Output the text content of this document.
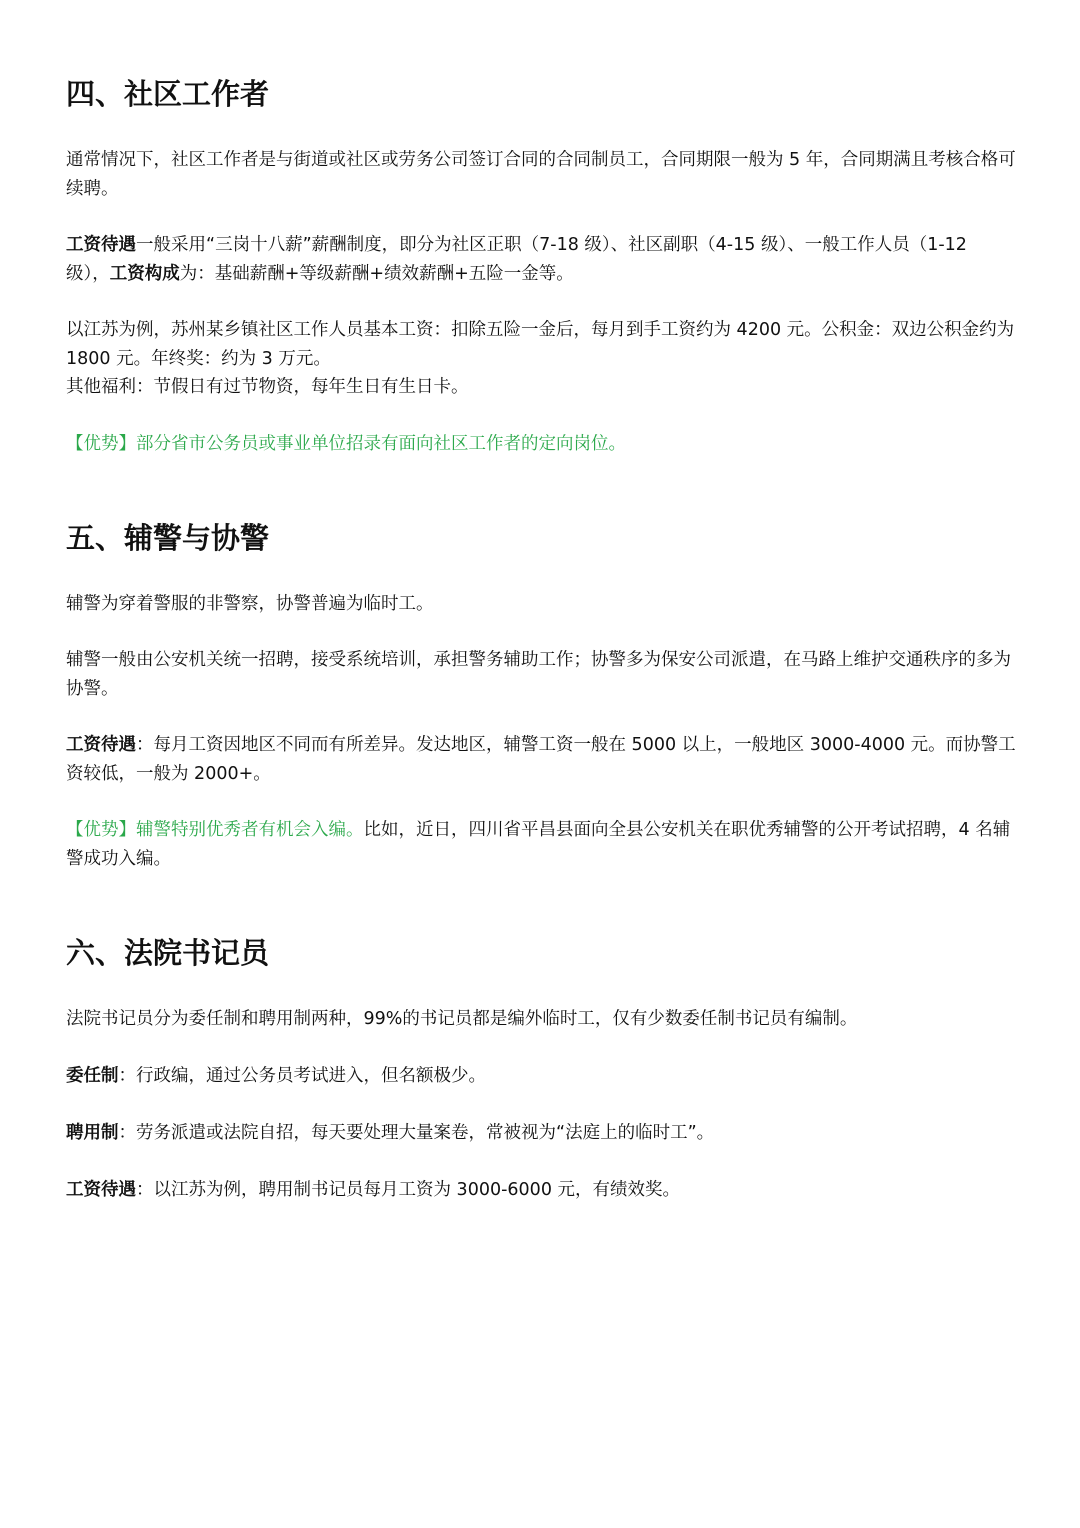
四、社区工作者

通常情况下，社区工作者是与街道或社区或劳务公司签订合同的合同制员工，合同期限一般为 5 年，合同期满且考核合格可续聘。

工资待遇一般采用“三岗十八薪”薪酬制度，即分为社区正职（7-18 级）、社区副职（4-15 级）、一般工作人员（1-12 级），工资构成为：基础薪酬+等级薪酬+绩效薪酬+五险一金等。

以江苏为例，苏州某乡镇社区工作人员基本工资：扣除五险一金后，每月到手工资约为 4200 元。公积金：双边公积金约为 1800 元。年终奖：约为 3 万元。

其他福利：节假日有过节物资，每年生日有生日卡。

【优势】部分省市公务员或事业单位招录有面向社区工作者的定向岗位。

五、辅警与协警

辅警为穿着警服的非警察，协警普遍为临时工。

辅警一般由公安机关统一招聘，接受系统培训，承担警务辅助工作；协警多为保安公司派遣，在马路上维护交通秩序的多为协警。

工资待遇：每月工资因地区不同而有所差异。发达地区，辅警工资一般在 5000 以上，一般地区 3000-4000 元。而协警工资较低，一般为 2000+。

【优势】辅警特别优秀者有机会入编。比如，近日，四川省平昌县面向全县公安机关在职优秀辅警的公开考试招聘，4 名辅警成功入编。

六、法院书记员

法院书记员分为委任制和聘用制两种，99%的书记员都是编外临时工，仅有少数委任制书记员有编制。

委任制：行政编，通过公务员考试进入，但名额极少。

聘用制：劳务派遣或法院自招，每天要处理大量案卷，常被视为“法庭上的临时工”。

工资待遇：以江苏为例，聘用制书记员每月工资为 3000-6000 元，有绩效奖。
